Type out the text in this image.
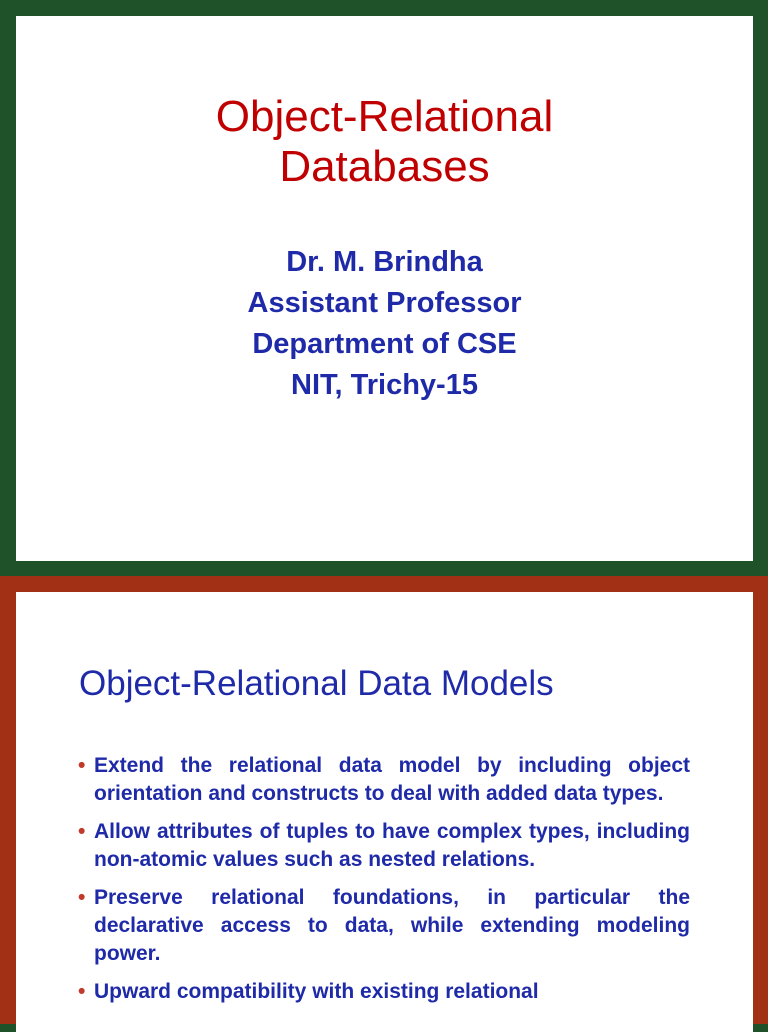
Object-Relational
Databases
Dr. M. Brindha
Assistant Professor
Department of CSE
NIT, Trichy-15
Object-Relational Data Models
• Extend the relational data model by including object orientation and constructs to deal with added data types.
• Allow attributes of tuples to have complex types, including non-atomic values such as nested relations.
• Preserve relational foundations, in particular the declarative access to data, while extending modeling power.
• Upward compatibility with existing relational
